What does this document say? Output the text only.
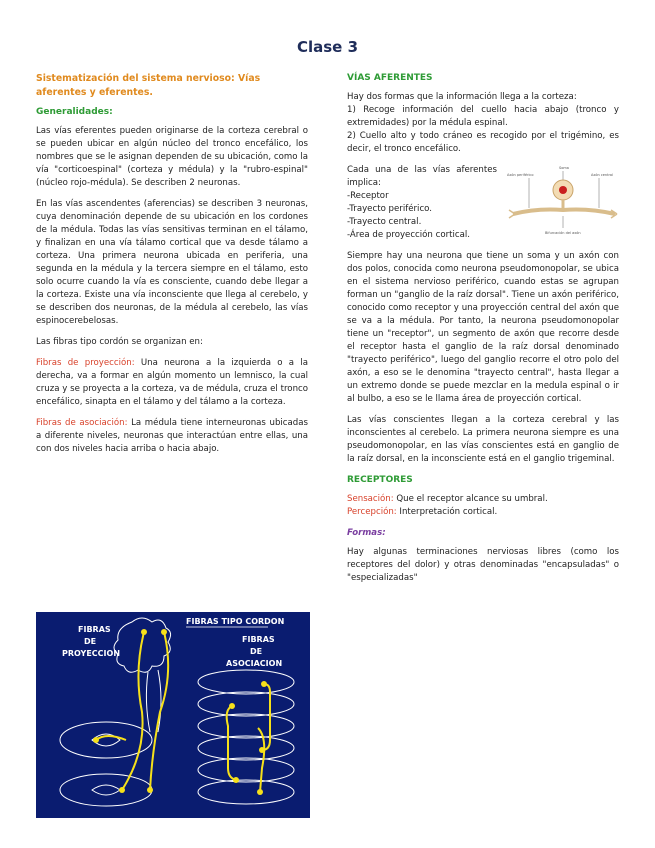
Clase 3
Sistematización del sistema nervioso: Vías aferentes y eferentes.
Generalidades:

Las vías eferentes pueden originarse de la corteza cerebral o se pueden ubicar en algún núcleo del tronco encefálico, los nombres que se le asignan dependen de su ubicación, como la vía "corticoespinal" (corteza y médula) y la "rubro-espinal" (núcleo rojo-médula). Se describen 2 neuronas.

En las vías ascendentes (aferencias) se describen 3 neuronas, cuya denominación depende de su ubicación en los cordones de la médula. Todas las vías sensitivas terminan en el tálamo, y finalizan en una vía tálamo cortical que va desde tálamo a corteza. Una primera neurona ubicada en periferia, una segunda en la médula y la tercera siempre en el tálamo, esto solo ocurre cuando la vía es consciente, cuando debe llegar a la corteza. Existe una vía inconsciente que llega al cerebelo, y se describen dos neuronas, de la médula al cerebelo, las vías espinocerebelosas.

Las fibras tipo cordón se organizan en:

Fibras de proyección: Una neurona a la izquierda o a la derecha, va a formar en algún momento un lemnisco, la cual cruza y se proyecta a la corteza, va de médula, cruza el tronco encefálico, sinapta en el tálamo y del tálamo a la corteza.

Fibras de asociación: La médula tiene interneuronas ubicadas a diferente niveles, neuronas que interactúan entre ellas, una con dos niveles hacia arriba o hacia abajo.

FIBRAS
DE
PROYECCION
FIBRAS TIPO CORDON
FIBRAS
DE
ASOCIACION
VÍAS AFERENTES

Hay dos formas que la información llega a la corteza:
1) Recoge información del cuello hacia abajo (tronco y extremidades) por la médula espinal.
2) Cuello alto y todo cráneo es recogido por el trigémino, es decir, el tronco encefálico.

Soma
Axón periférico	Axón central
Bifurcación del axón

Cada una de las vías aferentes implica:
-Receptor
-Trayecto periférico.
-Trayecto central.
-Área de proyección cortical.

Siempre hay una neurona que tiene un soma y un axón con dos polos, conocida como neurona pseudomonopolar, se ubica en el sistema nervioso periférico, cuando estas se agrupan forman un "ganglio de la raíz dorsal". Tiene un axón periférico, conocido como receptor y una proyección central del axón que se va a la médula. Por tanto, la neurona pseudomonopolar tiene un "receptor", un segmento de axón que recorre desde el receptor hasta el ganglio de la raíz dorsal denominado "trayecto periférico", luego del ganglio recorre el otro polo del axón, a eso se le denomina "trayecto central", hasta llegar a un extremo donde se puede mezclar en la medula espinal o ir al bulbo, a eso se le llama área de proyección cortical.

Las vías conscientes llegan a la corteza cerebral y las inconscientes al cerebelo. La primera neurona siempre es una pseudomonopolar, en las vías conscientes está en ganglio de la raíz dorsal, en la inconsciente está en el ganglio trigeminal.

RECEPTORES

Sensación: Que el receptor alcance su umbral.
Percepción: Interpretación cortical.

Formas:

Hay algunas terminaciones nerviosas libres (como los receptores del dolor) y otras denominadas "encapsuladas" o "especializadas"
